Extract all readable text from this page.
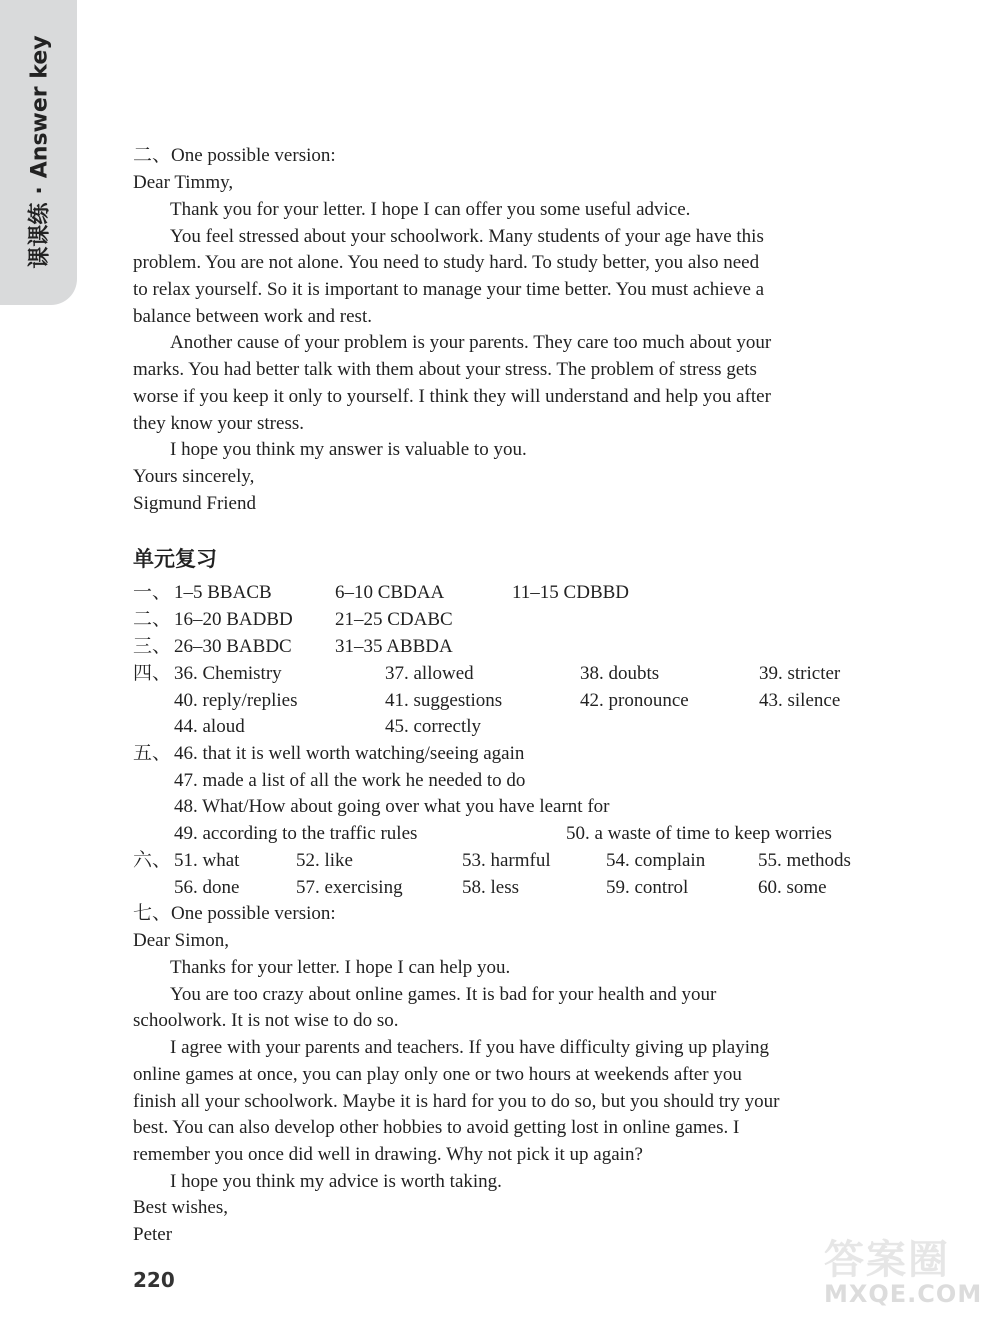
课课练·Answer key	二、One possible version:
Dear Timmy,
Thank you for your letter. I hope I can offer you some useful advice.
You feel stressed about your schoolwork. Many students of your age have this
problem. You are not alone. You need to study hard. To study better, you also need
to relax yourself. So it is important to manage your time better. You must achieve a
balance between work and rest.
Another cause of your problem is your parents. They care too much about your
marks. You had better talk with them about your stress. The problem of stress gets
worse if you keep it only to yourself. I think they will understand and help you after
they know your stress.
I hope you think my answer is valuable to you.
Yours sincerely,
Sigmund Friend
单元复习
一、 1–5 BBACB	6–10 CBDAA	11–15 CDBBD
二、 16–20 BADBD 21–25 CDABC
三、 26–30 BABDC 31–35 ABBDA
四、 36. Chemistry	37. allowed	38. doubts	39. stricter
40. reply/replies	41. suggestions	42. pronounce	43. silence
44. aloud	45. correctly
五、 46. that it is well worth watching/seeing again
47. made a list of all the work he needed to do
48. What/How about going over what you have learnt for
49. according to the traffic rules	50. a waste of time to keep worries
六、 51. what	52. like	53. harmful	54. complain	55. methods
56. done	57. exercising	58. less	59. control	60. some
七、One possible version:
Dear Simon,
Thanks for your letter. I hope I can help you.
You are too crazy about online games. It is bad for your health and your
schoolwork. It is not wise to do so.
I agree with your parents and teachers. If you have difficulty giving up playing
online games at once, you can play only one or two hours at weekends after you
finish all your schoolwork. Maybe it is hard for you to do so, but you should try your
best. You can also develop other hobbies to avoid getting lost in online games. I
remember you once did well in drawing. Why not pick it up again?
I hope you think my advice is worth taking.
Best wishes,
Peter
220	答案圈
MXQE.COM
